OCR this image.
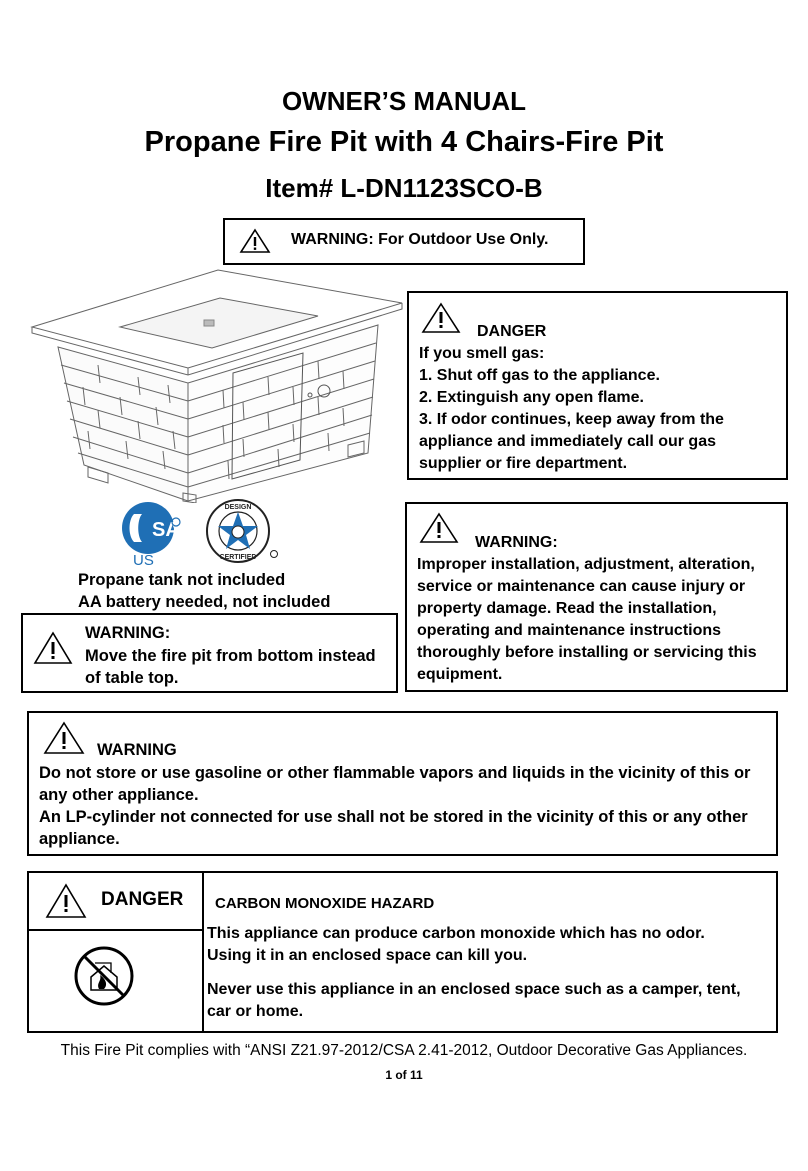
OWNER’S MANUAL
Propane Fire Pit with 4 Chairs-Fire Pit
Item# L-DN1123SCO-B
WARNING: For Outdoor Use Only.
DANGER
If you smell gas:
1. Shut off gas to the appliance.
2. Extinguish any open flame.
3. If odor continues, keep away from the
appliance and immediately call our gas
supplier or fire department.
SA
US
DESIGN
CERTIFIED
Propane tank not included
AA battery needed, not included
WARNING:
Improper installation, adjustment, alteration,
service or maintenance can cause injury or
property damage. Read the installation,
operating and maintenance instructions
thoroughly before installing or servicing this
equipment.
WARNING:
Move the fire pit from bottom instead
of table top.
WARNING
Do not store or use gasoline or other flammable vapors and liquids in the vicinity of this or
any other appliance.
An LP-cylinder not connected for use shall not be stored in the vicinity of this or any other
appliance.
DANGER CARBON MONOXIDE HAZARD
This appliance can produce carbon monoxide which has no odor.
Using it in an enclosed space can kill you.
Never use this appliance in an enclosed space such as a camper, tent,
car or home.
This Fire Pit complies with “ANSI Z21.97-2012/CSA 2.41-2012, Outdoor Decorative Gas Appliances.
1 of 11
